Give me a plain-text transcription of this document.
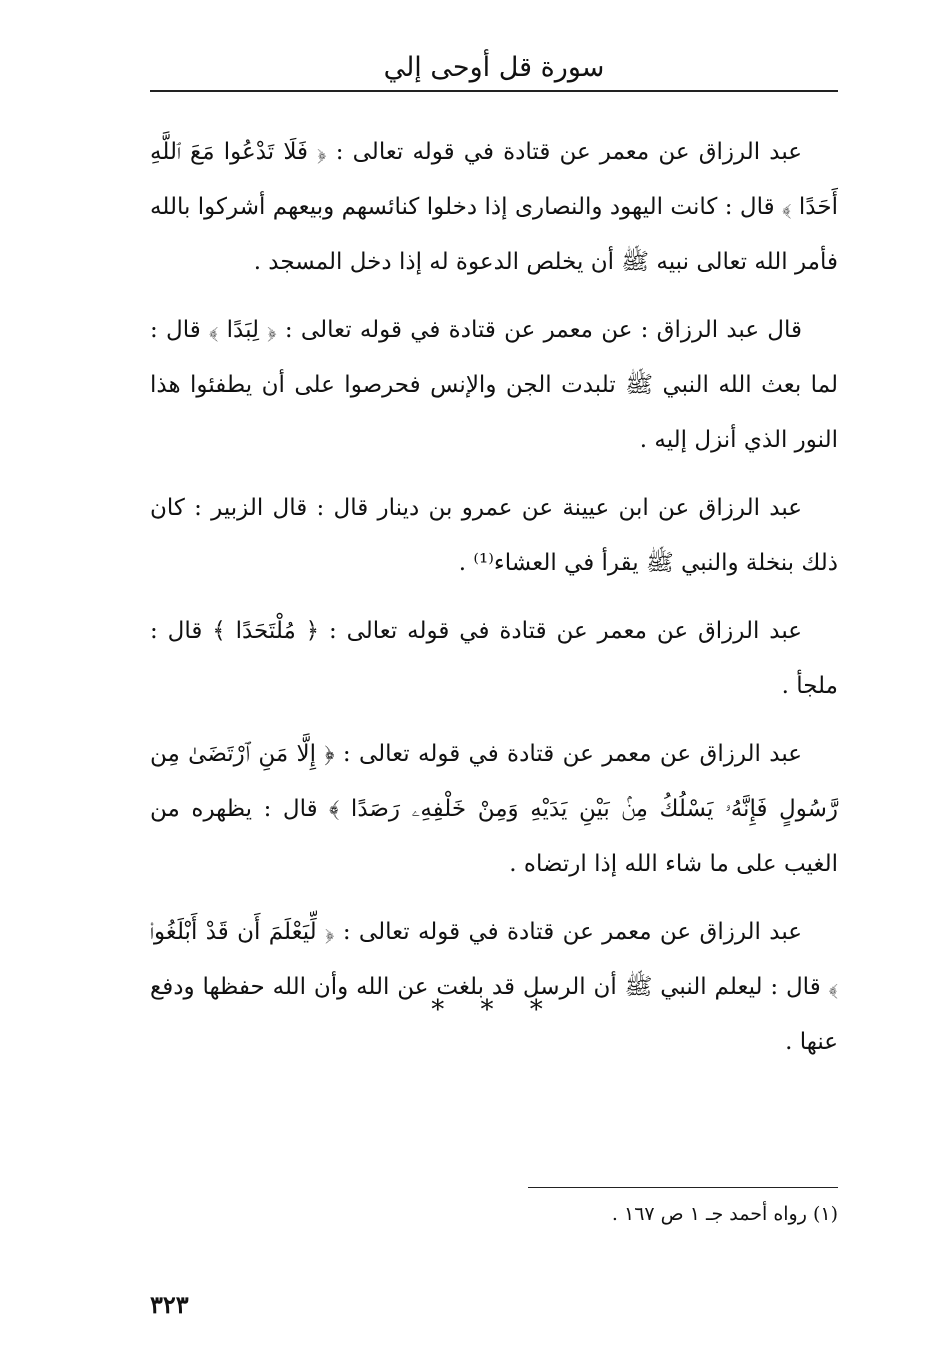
سورة قل أوحى إلي

عبد الرزاق عن معمر عن قتادة في قوله تعالى : ﴿ فَلَا تَدْعُوا مَعَ ٱللَّهِ أَحَدًا ﴾ قال : كانت اليهود والنصارى إذا دخلوا كنائسهم وبيعهم أشركوا بالله فأمر الله تعالى نبيه ﷺ أن يخلص الدعوة له إذا دخل المسجد .

قال عبد الرزاق : عن معمر عن قتادة في قوله تعالى : ﴿ لِبَدًا ﴾ قال : لما بعث الله النبي ﷺ تلبدت الجن والإنس فحرصوا على أن يطفئوا هذا النور الذي أنزل إليه .

عبد الرزاق عن ابن عيينة عن عمرو بن دينار قال : قال الزبير : كان ذلك بنخلة والنبي ﷺ يقرأ في العشاء⁽¹⁾ .

عبد الرزاق عن معمر عن قتادة في قوله تعالى : ﴿ مُلْتَحَدًا ﴾ قال : ملجأ .

عبد الرزاق عن معمر عن قتادة في قوله تعالى : ﴿ إِلَّا مَنِ ٱرْتَضَىٰ مِن رَّسُولٍ فَإِنَّهُۥ يَسْلُكُ مِنۢ بَيْنِ يَدَيْهِ وَمِنْ خَلْفِهِۦ رَصَدًا ﴾ قال : يظهره من الغيب على ما شاء الله إذا ارتضاه .

عبد الرزاق عن معمر عن قتادة في قوله تعالى : ﴿ لِّيَعْلَمَ أَن قَدْ أَبْلَغُوا۟ ﴾ قال : ليعلم النبي ﷺ أن الرسل قد بلغت عن الله وأن الله حفظها ودفع عنها .

* * *
(١) رواه أحمد جـ ١ ص ١٦٧ .
٣٢٣
